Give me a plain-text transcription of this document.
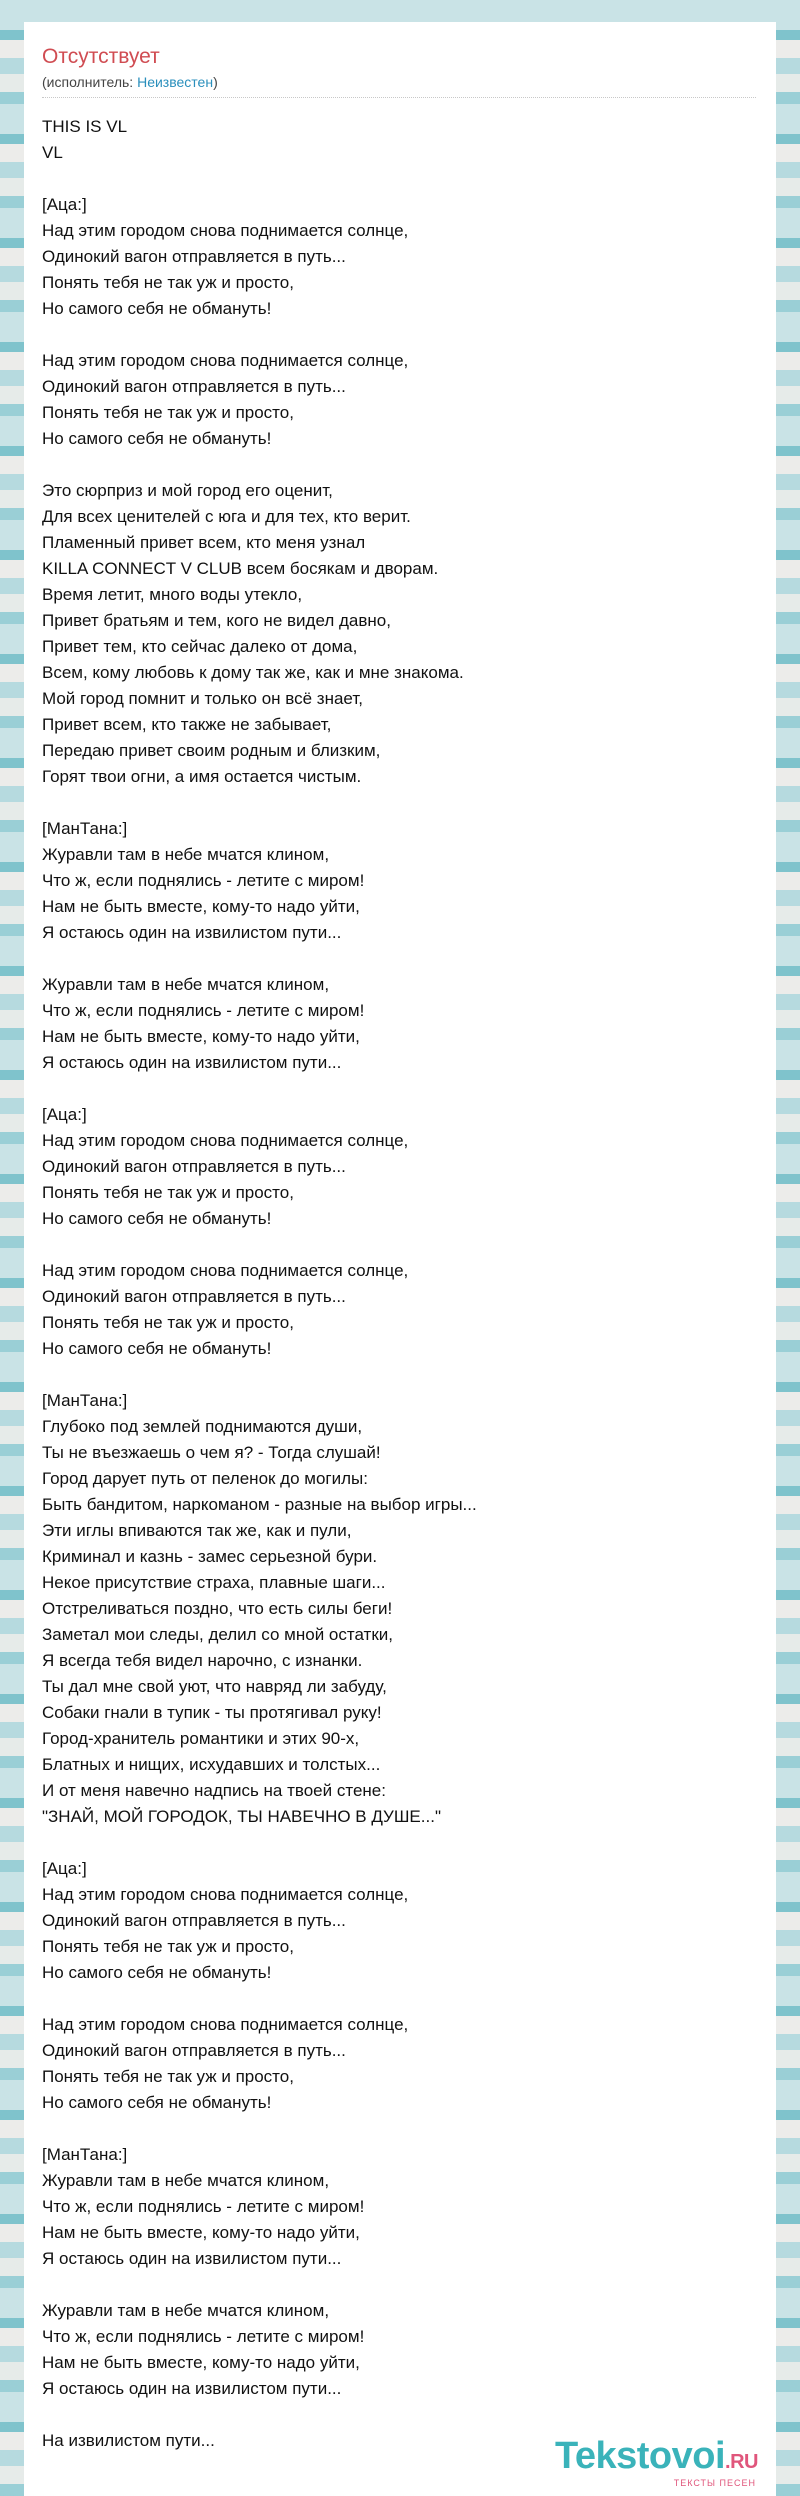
Отсутствует
(исполнитель: Неизвестен)
THIS IS VL
VL
[Аца:]
Над этим городом снова поднимается солнце,
Одинокий вагон отправляется в путь...
Понять тебя не так уж и просто,
Но самого себя не обмануть!
Над этим городом снова поднимается солнце,
Одинокий вагон отправляется в путь...
Понять тебя не так уж и просто,
Но самого себя не обмануть!
Это сюрприз и мой город его оценит,
Для всех ценителей с юга и для тех, кто верит.
Пламенный привет всем, кто меня узнал
KILLA CONNECT V CLUB всем босякам и дворам.
Время летит, много воды утекло,
Привет братьям и тем, кого не видел давно,
Привет тем, кто сейчас далеко от дома,
Всем, кому любовь к дому так же, как и мне знакома.
Мой город помнит и только он всё знает,
Привет всем, кто также не забывает,
Передаю привет своим родным и близким,
Горят твои огни, а имя остается чистым.
[МанТана:]
Журавли там в небе мчатся клином,
Что ж, если поднялись - летите с миром!
Нам не быть вместе, кому-то надо уйти,
Я остаюсь один на извилистом пути...
Журавли там в небе мчатся клином,
Что ж, если поднялись - летите с миром!
Нам не быть вместе, кому-то надо уйти,
Я остаюсь один на извилистом пути...
[Аца:]
Над этим городом снова поднимается солнце,
Одинокий вагон отправляется в путь...
Понять тебя не так уж и просто,
Но самого себя не обмануть!
Над этим городом снова поднимается солнце,
Одинокий вагон отправляется в путь...
Понять тебя не так уж и просто,
Но самого себя не обмануть!
[МанТана:]
Глубоко под землей поднимаются души,
Ты не въезжаешь о чем я? - Тогда слушай!
Город дарует путь от пеленок до могилы:
Быть бандитом, наркоманом - разные на выбор игры...
Эти иглы впиваются так же, как и пули,
Криминал и казнь - замес серьезной бури.
Некое присутствие страха, плавные шаги...
Отстреливаться поздно, что есть силы беги!
Заметал мои следы, делил со мной остатки,
Я всегда тебя видел нарочно, с изнанки.
Ты дал мне свой уют, что навряд ли забуду,
Собаки гнали в тупик - ты протягивал руку!
Город-хранитель романтики и этих 90-х,
Блатных и нищих, исхудавших и толстых...
И от меня навечно надпись на твоей стене:
"ЗНАЙ, МОЙ ГОРОДОК, ТЫ НАВЕЧНО В ДУШЕ..."
[Аца:]
Над этим городом снова поднимается солнце,
Одинокий вагон отправляется в путь...
Понять тебя не так уж и просто,
Но самого себя не обмануть!
Над этим городом снова поднимается солнце,
Одинокий вагон отправляется в путь...
Понять тебя не так уж и просто,
Но самого себя не обмануть!
[МанТана:]
Журавли там в небе мчатся клином,
Что ж, если поднялись - летите с миром!
Нам не быть вместе, кому-то надо уйти,
Я остаюсь один на извилистом пути...
Журавли там в небе мчатся клином,
Что ж, если поднялись - летите с миром!
Нам не быть вместе, кому-то надо уйти,
Я остаюсь один на извилистом пути...
На извилистом пути...	Tekstovoi.RU
ТЕКСТЫ ПЕСЕН
